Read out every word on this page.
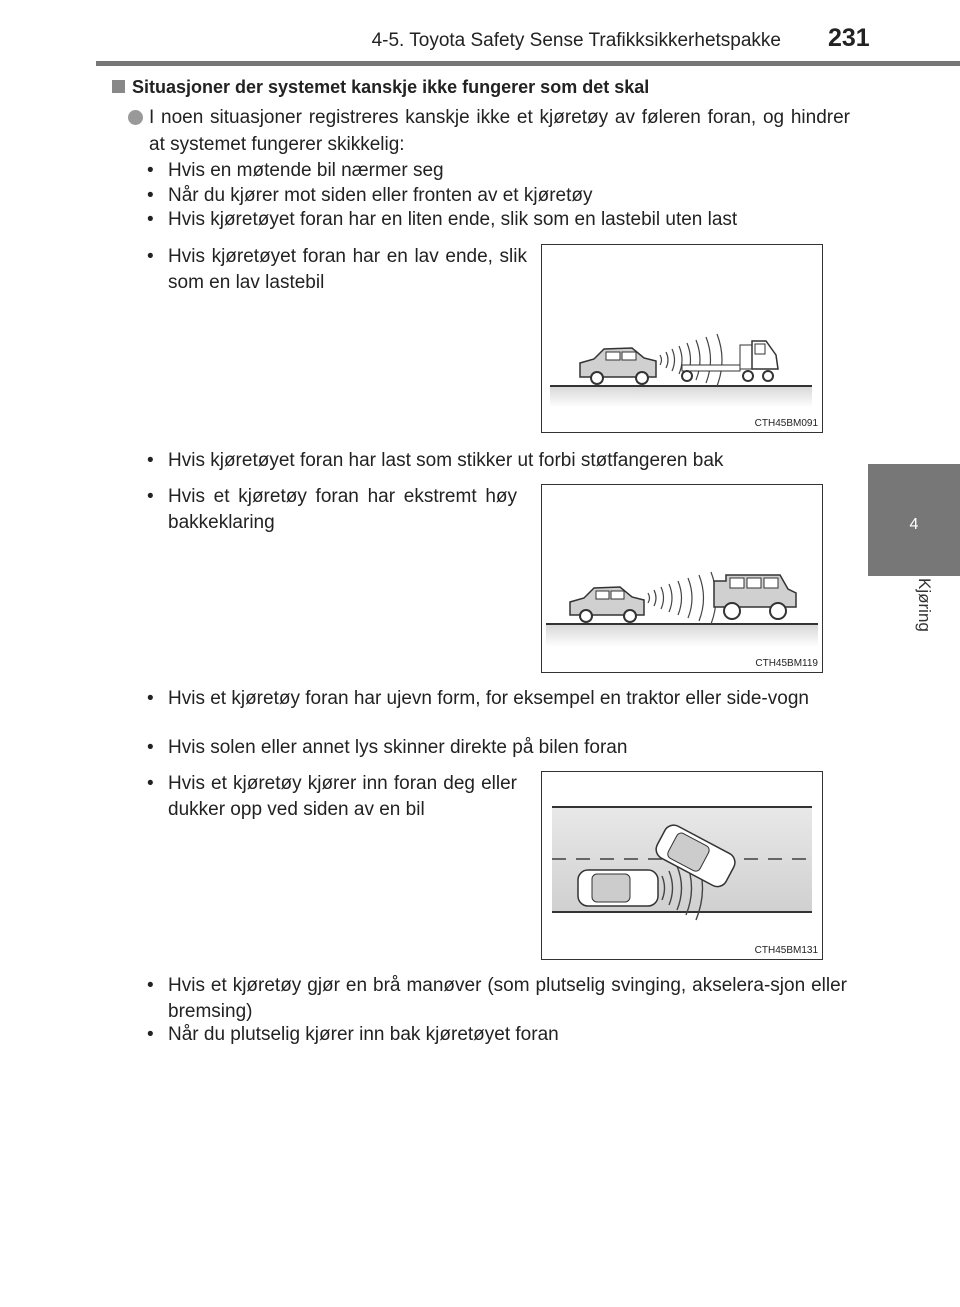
4-5. Toyota Safety Sense Trafikksikkerhetspakke 231
4
Kjøring
Situasjoner der systemet kanskje ikke fungerer som det skal
I noen situasjoner registreres kanskje ikke et kjøretøy av føleren foran, og hindrer at systemet fungerer skikkelig:
• Hvis en møtende bil nærmer seg
• Når du kjører mot siden eller fronten av et kjøretøy
• Hvis kjøretøyet foran har en liten ende, slik som en lastebil uten last
• Hvis kjøretøyet foran har en lav ende, slik som en lav lastebil
CTH45BM091
• Hvis kjøretøyet foran har last som stikker ut forbi støtfangeren bak
• Hvis et kjøretøy foran har ekstremt høy bakkeklaring
CTH45BM119
• Hvis et kjøretøy foran har ujevn form, for eksempel en traktor eller side-vogn
• Hvis solen eller annet lys skinner direkte på bilen foran
• Hvis et kjøretøy kjører inn foran deg eller dukker opp ved siden av en bil
CTH45BM131
• Hvis et kjøretøy gjør en brå manøver (som plutselig svinging, akselera-sjon eller bremsing)
• Når du plutselig kjører inn bak kjøretøyet foran
